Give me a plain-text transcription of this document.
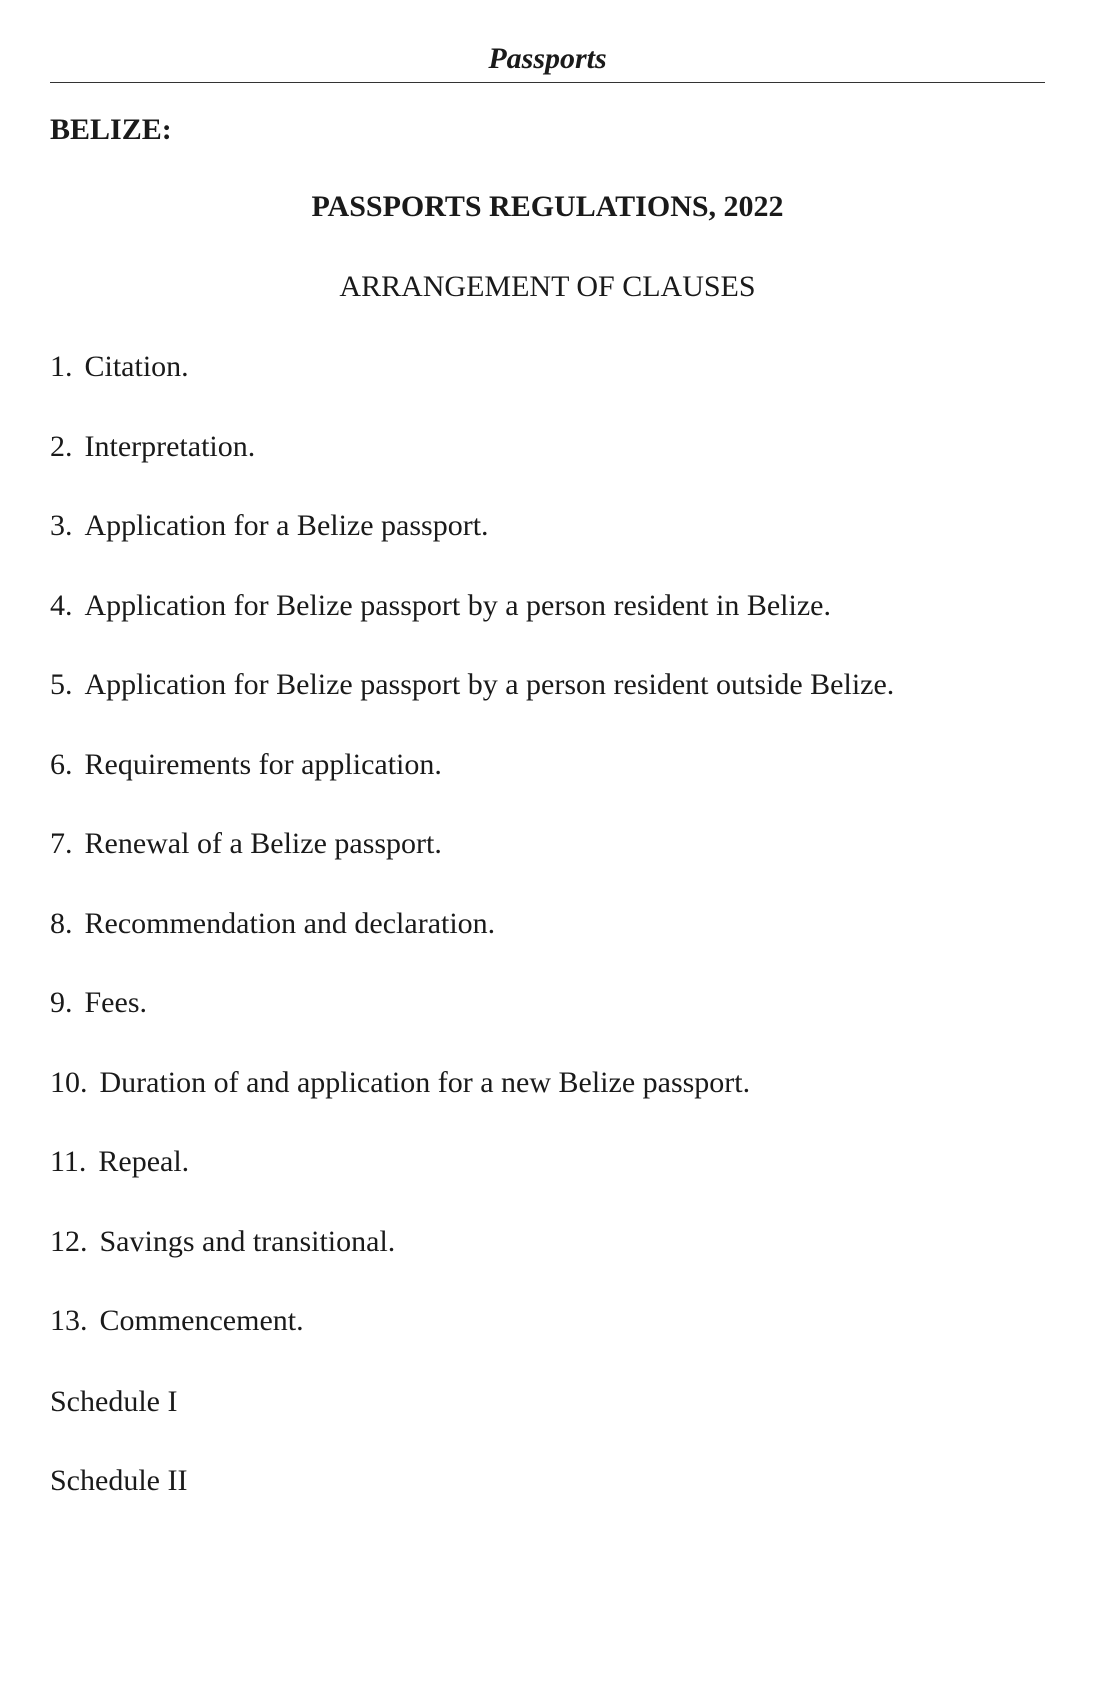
Passports
BELIZE:
PASSPORTS REGULATIONS, 2022
ARRANGEMENT OF CLAUSES
1. Citation.
2. Interpretation.
3. Application for a Belize passport.
4. Application for Belize passport by a person resident in Belize.
5. Application for Belize passport by a person resident outside Belize.
6. Requirements for application.
7. Renewal of a Belize passport.
8. Recommendation and declaration.
9. Fees.
10. Duration of and application for a new Belize passport.
11. Repeal.
12. Savings and transitional.
13. Commencement.
Schedule I
Schedule II
